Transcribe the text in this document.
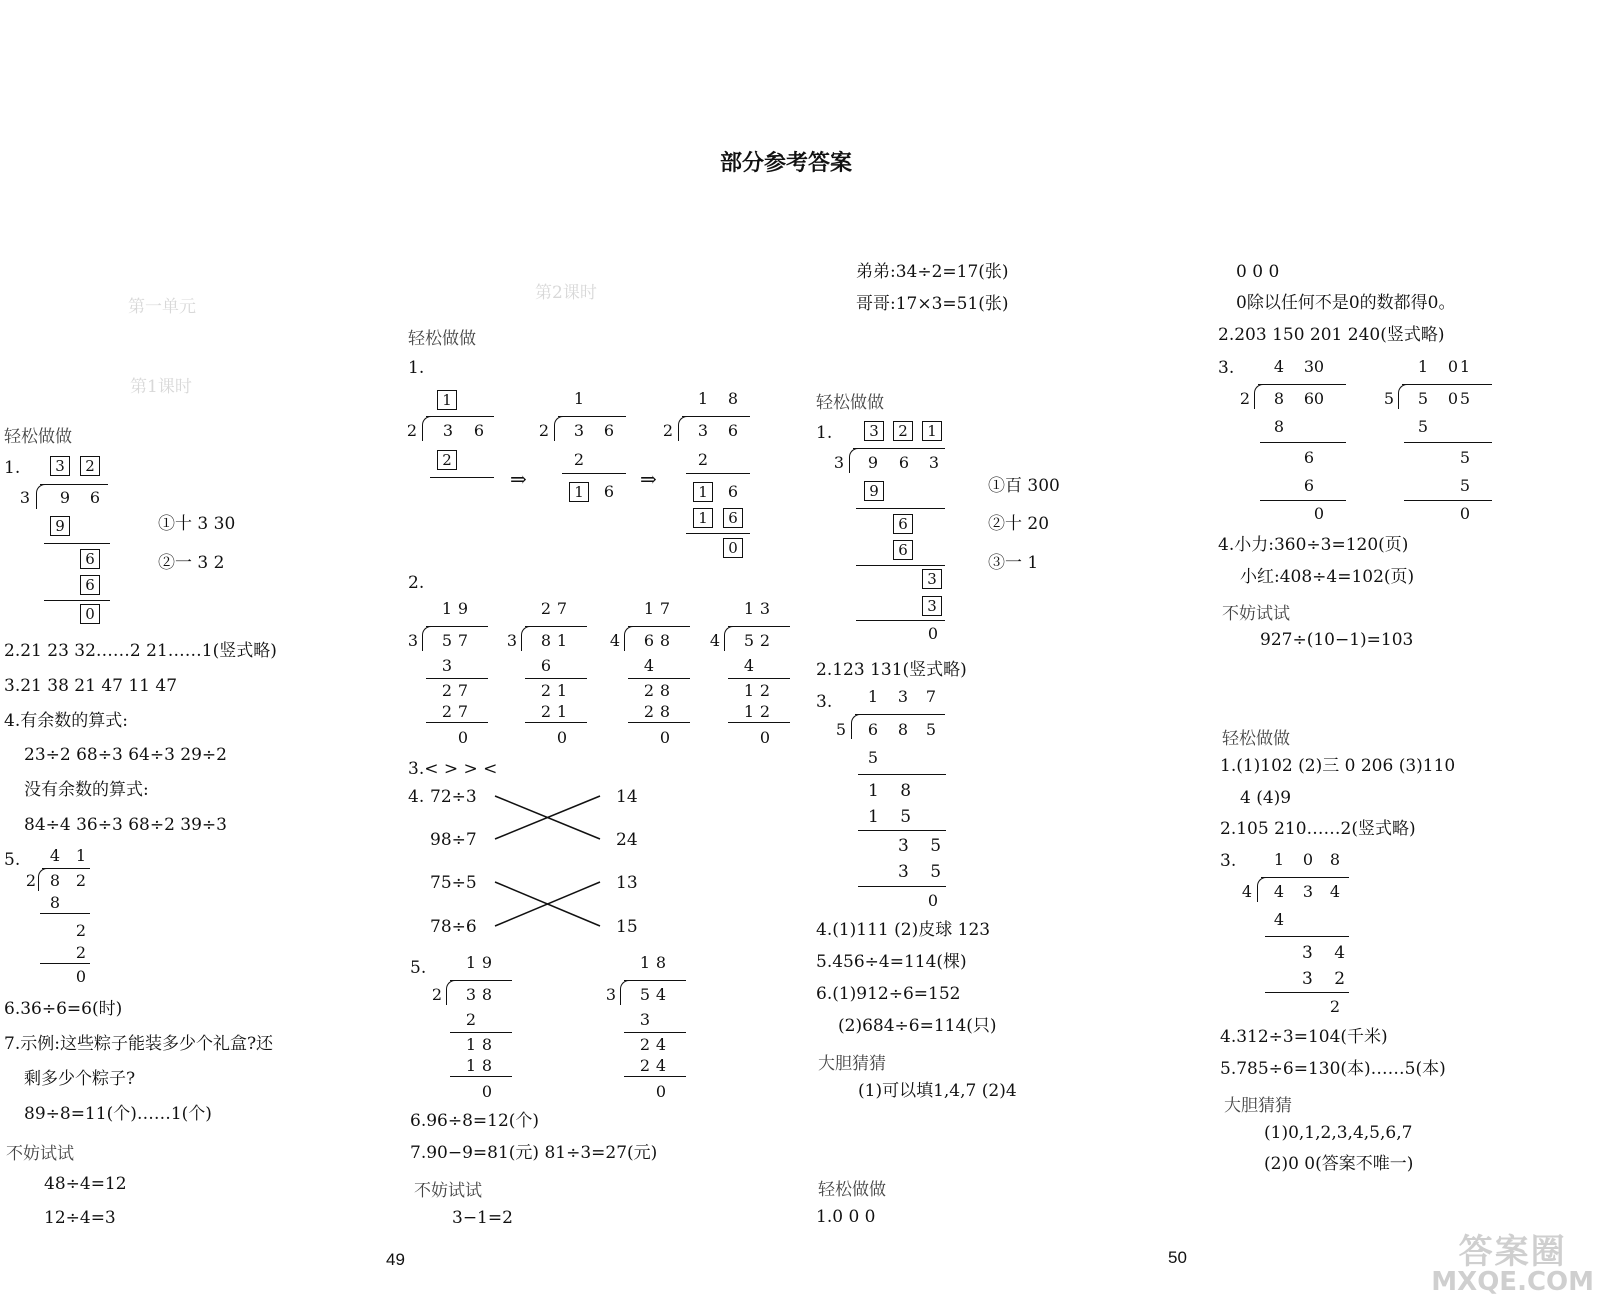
部分参考答案
第一单元
第1课时
第2课时
轻松做做
1.	3	2
3 9 6
9
6
6
0
①十 3 30
②一 3 2
2.21 23 32……2 21……1(竖式略)
3.21 38 21 47 11 47
4.有余数的算式:
23÷2 68÷3 64÷3 29÷2
没有余数的算式:
84÷4 36÷3 68÷2 39÷3
5. 4 1
2 8 2
8
2
2
0
6.36÷6=6(时)
7.示例:这些粽子能装多少个礼盒?还
剩多少个粽子?
89÷8=11(个)……1(个)
不妨试试
48÷4=12
12÷4=3
轻松做做
1.
1
2 3 6
2
⇒
1
2 3 6
2
1	6
⇒
1 8
2 3 6
2
1	6
1	6
0
2.
1 9
3 5 7
3
2 7
2 7
0
2 7
3 8 1
6
2 1
2 1
0
1 7
4 6 8
4
2 8
2 8
0
1 3
4 5 2
4
1 2
1 2
0
3.< > > <
4. 72÷3
98÷7
75÷5
78÷6
14
24
13
15
5. 1 9
2 3 8
2
1 8
1 8
0
1 8
3 5 4
3
2 4
2 4
0
6.96÷8=12(个)
7.90−9=81(元) 81÷3=27(元)
不妨试试
3−1=2
49
弟弟:34÷2=17(张)
哥哥:17×3=51(张)
轻松做做
1.	3	2	1
3 9 6 3
9
6
6
3
3
0
①百 300
②十 20
③一 1
2.123 131(竖式略)
3. 1 3 7
5 6 8 5
5
1 8
1 5
3 5
3 5
0
4.(1)111 (2)皮球 123
5.456÷4=114(棵)
6.(1)912÷6=152
(2)684÷6=114(只)
大胆猜猜
(1)可以填1,4,7 (2)4
轻松做做
1.0 0 0
0 0 0
0除以任何不是0的数都得0。
2.203 150 201 240(竖式略)
3. 4 3 0
2 8 6 0
8
6
6
0
1 0 1
5 5 0 5
5
5
5
0
4.小力:360÷3=120(页)
小红:408÷4=102(页)
不妨试试
927÷(10−1)=103
轻松做做
1.(1)102 (2)三 0 206 (3)110
4 (4)9
2.105 210……2(竖式略)
3. 1 0 8
4 4 3 4
4
3 4
3 2
2
4.312÷3=104(千米)
5.785÷6=130(本)……5(本)
大胆猜猜
(1)0,1,2,3,4,5,6,7
(2)0 0(答案不唯一)
50	答案圈
MXQE.COM
